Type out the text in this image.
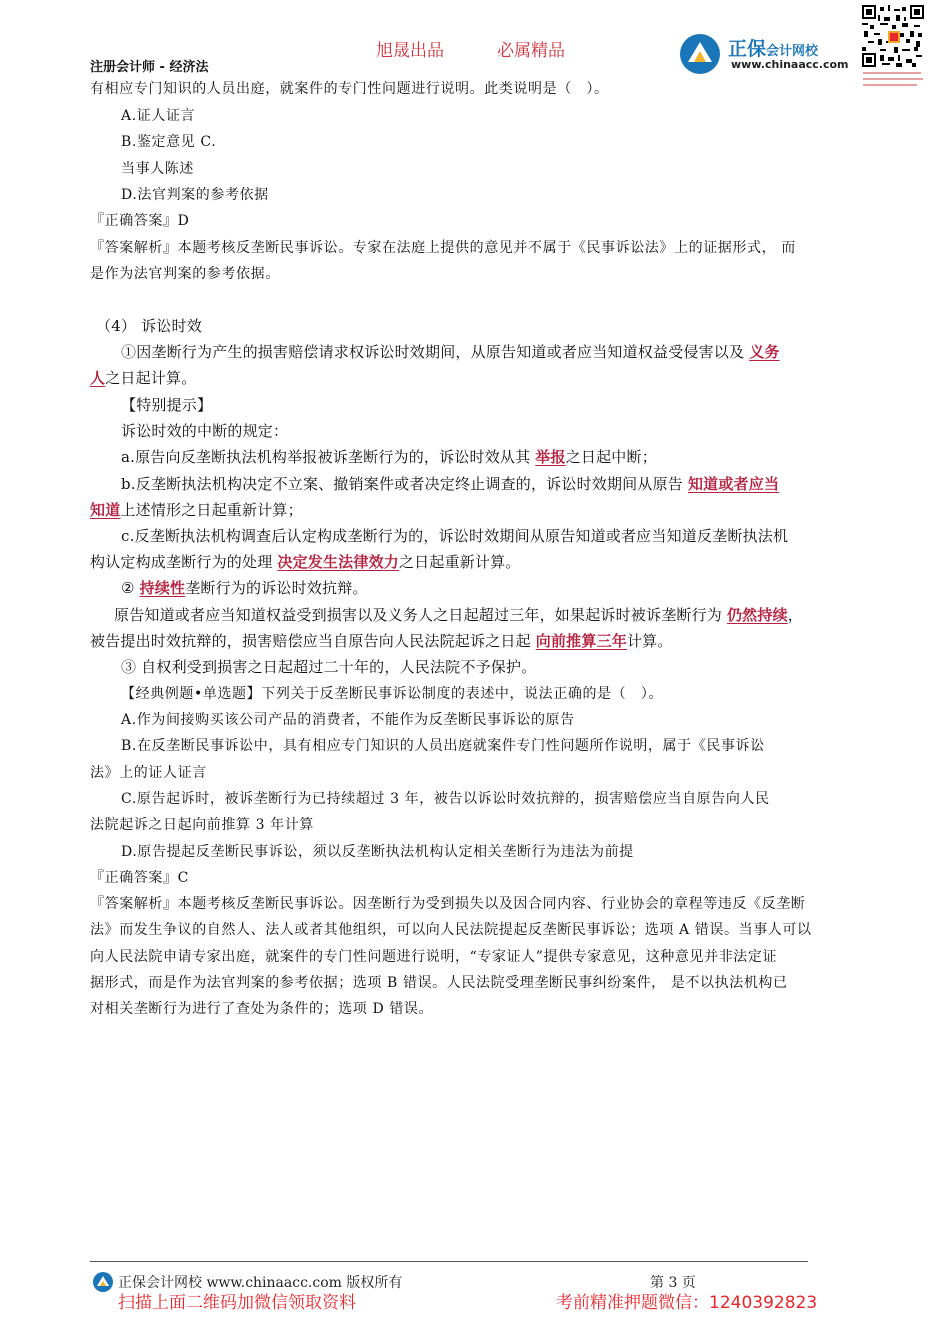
旭晟出品	必属精品
注册会计师 - 经济法
正保会计网校
www.chinaacc.com
有相应专门知识的人员出庭，就案件的专门性问题进行说明。此类说明是（　）。
A.证人证言
B.鉴定意见 C.
当事人陈述
D.法官判案的参考依据
『正确答案』D
『答案解析』本题考核反垄断民事诉讼。专家在法庭上提供的意见并不属于《民事诉讼法》上的证据形式， 而
是作为法官判案的参考依据。
（4） 诉讼时效
①因垄断行为产生的损害赔偿请求权诉讼时效期间，从原告知道或者应当知道权益受侵害以及 义务
人之日起计算。
【特别提示】
诉讼时效的中断的规定：
a.原告向反垄断执法机构举报被诉垄断行为的，诉讼时效从其 举报之日起中断；
b.反垄断执法机构决定不立案、撤销案件或者决定终止调查的，诉讼时效期间从原告 知道或者应当
知道上述情形之日起重新计算；
c.反垄断执法机构调查后认定构成垄断行为的，诉讼时效期间从原告知道或者应当知道反垄断执法机
构认定构成垄断行为的处理 决定发生法律效力之日起重新计算。
② 持续性垄断行为的诉讼时效抗辩。
原告知道或者应当知道权益受到损害以及义务人之日起超过三年，如果起诉时被诉垄断行为 仍然持续，
被告提出时效抗辩的，损害赔偿应当自原告向人民法院起诉之日起 向前推算三年计算。
③ 自权利受到损害之日起超过二十年的，人民法院不予保护。
【经典例题•单选题】下列关于反垄断民事诉讼制度的表述中，说法正确的是（　）。
A.作为间接购买该公司产品的消费者，不能作为反垄断民事诉讼的原告
B.在反垄断民事诉讼中，具有相应专门知识的人员出庭就案件专门性问题所作说明，属于《民事诉讼
法》上的证人证言
C.原告起诉时，被诉垄断行为已持续超过 3 年，被告以诉讼时效抗辩的，损害赔偿应当自原告向人民
法院起诉之日起向前推算 3 年计算
D.原告提起反垄断民事诉讼，须以反垄断执法机构认定相关垄断行为违法为前提
『正确答案』C
『答案解析』本题考核反垄断民事诉讼。因垄断行为受到损失以及因合同内容、行业协会的章程等违反《反垄断
法》而发生争议的自然人、法人或者其他组织，可以向人民法院提起反垄断民事诉讼；选项 A 错误。当事人可以
向人民法院申请专家出庭，就案件的专门性问题进行说明，“专家证人”提供专家意见，这种意见并非法定证
据形式，而是作为法官判案的参考依据；选项 B 错误。人民法院受理垄断民事纠纷案件， 是不以执法机构已
对相关垄断行为进行了查处为条件的；选项 D 错误。
正保会计网校 www.chinaacc.com 版权所有	第 3 页
扫描上面二维码加微信领取资料	考前精准押题微信：1240392823
